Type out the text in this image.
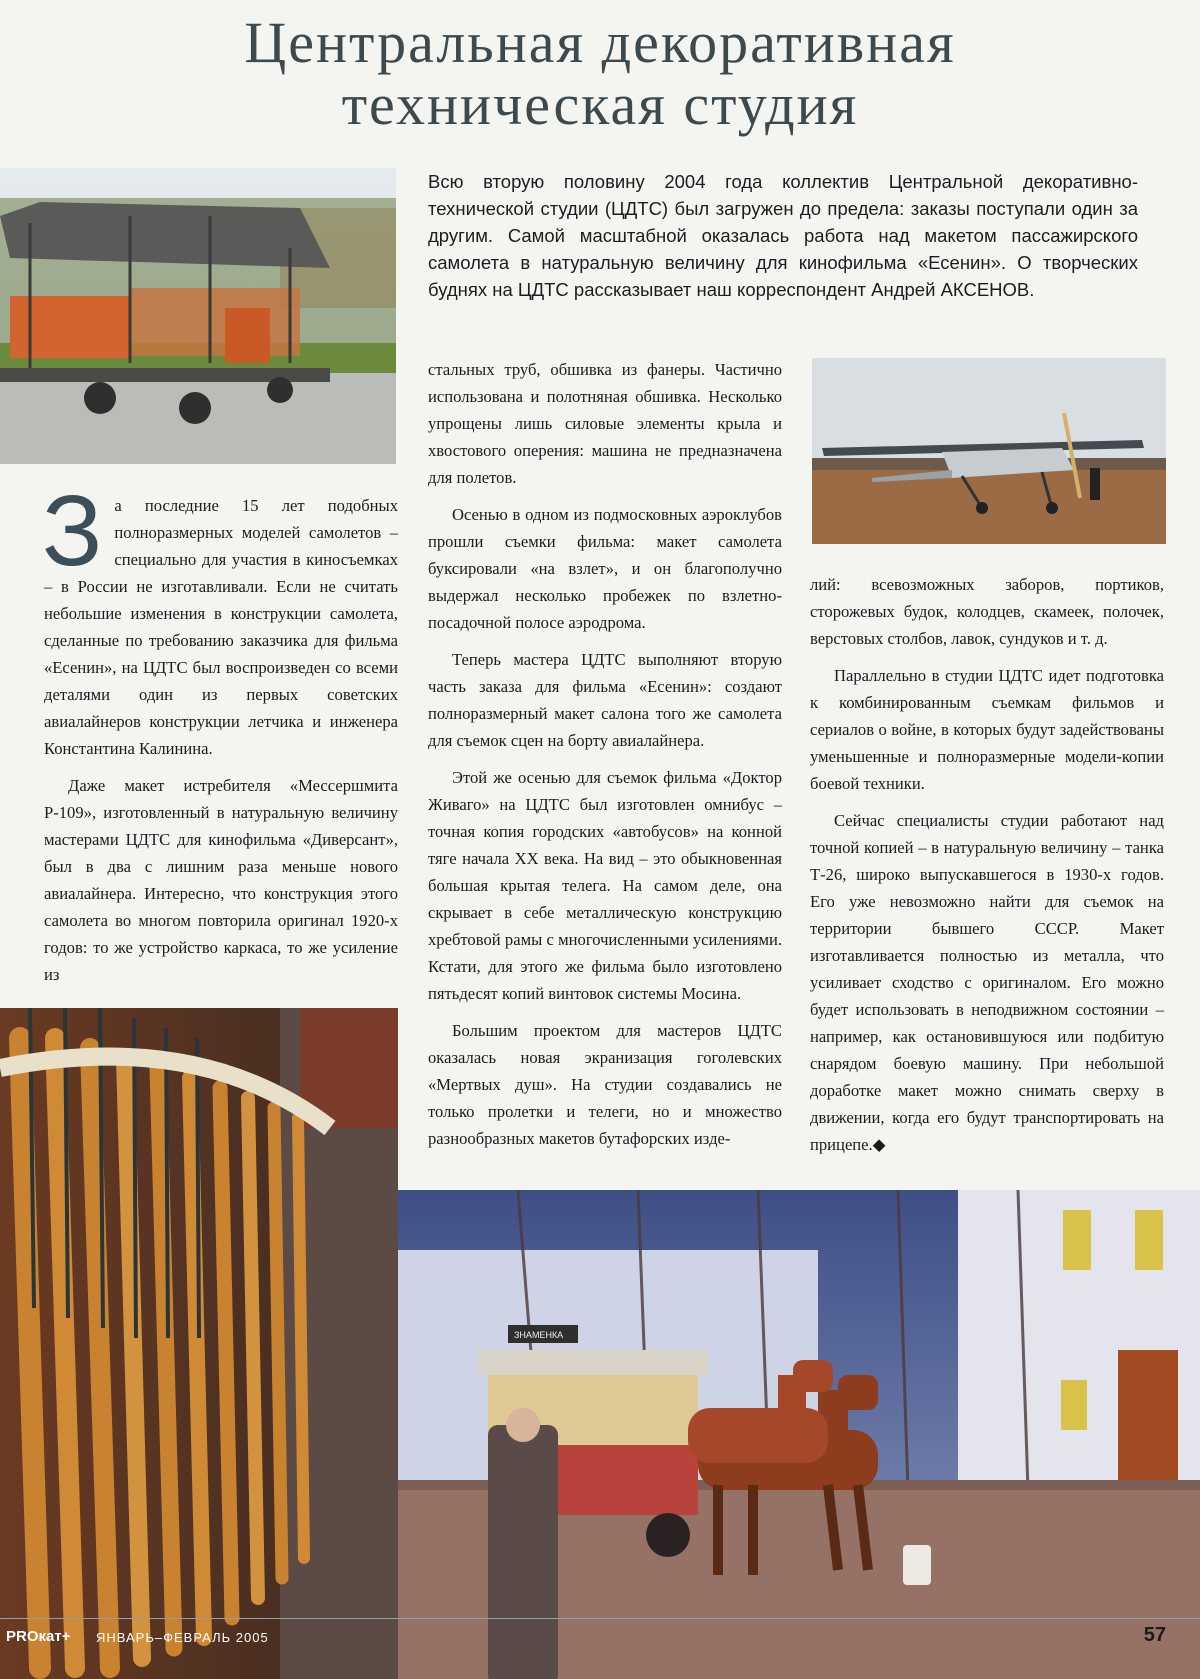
Центральная декоративная
техническая студия
Всю вторую половину 2004 года коллектив Центральной декоративно-технической студии (ЦДТС) был загружен до предела: заказы поступали один за другим. Самой масштабной оказалась работа над макетом пассажирского самолета в натуральную величину для кинофильма «Есенин». О творческих буднях на ЦДТС рассказывает наш корреспондент Андрей АКСЕНОВ.

За последние 15 лет подобных полноразмерных моделей самолетов – специально для участия в киносъемках – в России не изготавливали. Если не считать небольшие изменения в конструкции самолета, сделанные по требованию заказчика для фильма «Есенин», на ЦДТС был воспроизведен со всеми деталями один из первых советских авиалайнеров конструкции летчика и инженера Константина Калинина.

Даже макет истребителя «Мессершмита Р-109», изготовленный в натуральную величину мастерами ЦДТС для кинофильма «Диверсант», был в два с лишним раза меньше нового авиалайнера. Интересно, что конструкция этого самолета во многом повторила оригинал 1920-х годов: то же устройство каркаса, то же усиление из

стальных труб, обшивка из фанеры. Частично использована и полотняная обшивка. Несколько упрощены лишь силовые элементы крыла и хвостового оперения: машина не предназначена для полетов.

Осенью в одном из подмосковных аэроклубов прошли съемки фильма: макет самолета буксировали «на взлет», и он благополучно выдержал несколько пробежек по взлетно-посадочной полосе аэродрома.

Теперь мастера ЦДТС выполняют вторую часть заказа для фильма «Есенин»: создают полноразмерный макет салона того же самолета для съемок сцен на борту авиалайнера.

Этой же осенью для съемок фильма «Доктор Живаго» на ЦДТС был изготовлен омнибус – точная копия городских «автобусов» на конной тяге начала XX века. На вид – это обыкновенная большая крытая телега. На самом деле, она скрывает в себе металлическую конструкцию хребтовой рамы с многочисленными усилениями. Кстати, для этого же фильма было изготовлено пятьдесят копий винтовок системы Мосина.

Большим проектом для мастеров ЦДТС оказалась новая экранизация гоголевских «Мертвых душ». На студии создавались не только пролетки и телеги, но и множество разнообразных макетов бутафорских изде-

лий: всевозможных заборов, портиков, сторожевых будок, колодцев, скамеек, полочек, верстовых столбов, лавок, сундуков и т. д.

Параллельно в студии ЦДТС идет подготовка к комбинированным съемкам фильмов и сериалов о войне, в которых будут задействованы уменьшенные и полноразмерные модели-копии боевой техники.

Сейчас специалисты студии работают над точной копией – в натуральную величину – танка Т-26, широко выпускавшегося в 1930-х годов. Его уже невозможно найти для съемок на территории бывшего СССР. Макет изготавливается полностью из металла, что усиливает сходство с оригиналом. Его можно будет использовать в неподвижном состоянии – например, как остановившуюся или подбитую снарядом боевую машину. При небольшой доработке макет можно снимать сверху в движении, когда его будут транспортировать на прицепе.◆

ЗНАМЕНКА
PROкат+ ЯНВАРЬ–ФЕВРАЛЬ 2005	57
